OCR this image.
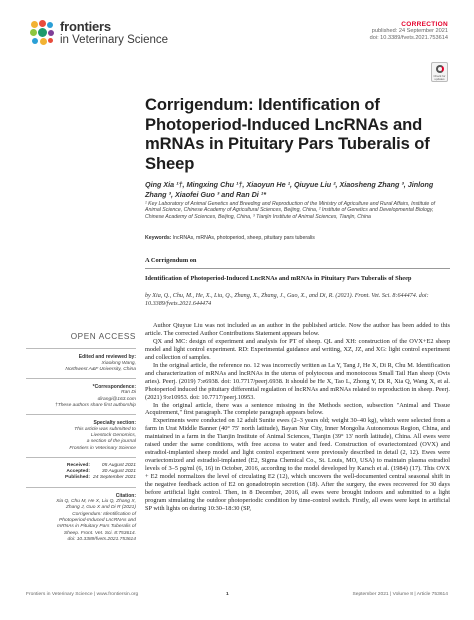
frontiers
in Veterinary Science
CORRECTION
published: 24 September 2021
doi: 10.3389/fvets.2021.753614
Check for updates
Corrigendum: Identification of Photoperiod-Induced LncRNAs and mRNAs in Pituitary Pars Tuberalis of Sheep
Qing Xia ¹†, Mingxing Chu ¹†, Xiaoyun He ¹, Qiuyue Liu ², Xiaosheng Zhang ³, Jinlong Zhang ³, Xiaofei Guo ³ and Ran Di ¹*
¹ Key Laboratory of Animal Genetics and Breeding and Reproduction of the Ministry of Agriculture and Rural Affairs, Institute of Animal Science, Chinese Academy of Agricultural Sciences, Beijing, China, ² Institute of Genetics and Developmental Biology, Chinese Academy of Sciences, Beijing, China, ³ Tianjin Institute of Animal Sciences, Tianjin, China
Keywords: lncRNAs, mRNAs, photoperiod, sheep, pituitary pars tuberalis
A Corrigendum on
Identification of Photoperiod-Induced LncRNAs and mRNAs in Pituitary Pars Tuberalis of Sheep
by Xia, Q., Chu, M., He, X., Liu, Q., Zhang, X., Zhang, J., Guo, X., and Di, R. (2021). Front. Vet. Sci. 8:644474. doi: 10.3389/fvets.2021.644474

Author Qiuyue Liu was not included as an author in the published article. Now the author has been added to this article. The corrected Author Contributions Statement appears below.

QX and MC: design of experiment and analysis for PT of sheep. QL and XH: construction of the OVX+E2 sheep model and light control experiment. RD: Experimental guidance and writing, XZ, JZ, and XG: light control experiment and collection of samples.

In the original article, the reference no. 12 was incorrectly written as La Y, Tang J, He X, Di R, Chu M. Identification and characterization of mRNAs and lncRNAs in the uterus of polytocous and monotocous Small Tail Han sheep (Ovis aries). Peerj. (2019) 7:e6938. doi: 10.7717/peerj.6938. It should be He X, Tao L, Zhong Y, Di R, Xia Q, Wang X, et al. Photoperiod induced the pituitary differential regulation of lncRNAs and mRNAs related to reproduction in sheep. Peerj. (2021) 9:e10953. doi: 10.7717/peerj.10953.

In the original article, there was a sentence missing in the Methods section, subsection "Animal and Tissue Acquirement," first paragraph. The complete paragraph appears below.

Experiments were conducted on 12 adult Sunite ewes (2–3 years old; weight 30–40 kg), which were selected from a farm in Urat Middle Banner (40° 75′ north latitude), Bayan Nur City, Inner Mongolia Autonomous Region, China, and maintained in a farm in the Tianjin Institute of Animal Sciences, Tianjin (39° 13′ north latitude), China. All ewes were raised under the same conditions, with free access to water and feed. Construction of ovariectomized (OVX) and estradiol-implanted sheep model and light control experiment were previously described in detail (2, 12). Ewes were ovariectomized and estradiol-implanted (E2, Sigma Chemical Co., St. Louis, MO, USA) to maintain plasma estradiol levels of 3–5 pg/ml (6, 16) in October, 2016, according to the model developed by Karsch et al. (1984) (17). This OVX + E2 model normalizes the level of circulating E2 (12), which uncovers the well-documented central seasonal shift in the negative feedback action of E2 on gonadotropin secretion (18). After the surgery, the ewes recovered for 30 days before artificial light control. Then, in 8 December, 2016, all ewes were brought indoors and submitted to a light program simulating the outdoor photoperiodic condition by time-control switch. Firstly, all ewes were kept in artificial SP with lights on during 10:30–18:30 (SP,

OPEN ACCESS
Edited and reviewed by:
Xiaolong Wang,
Northwest A&F University, China
*Correspondence:
Ran Di
dirangi@163.com
†These authors share first authorship
Specialty section:
This article was submitted to
Livestock Genomics,
a section of the journal
Frontiers in Veterinary Science
Received:	05 August 2021
Accepted:	30 August 2021
Published: 24 September 2021
Citation:
Xia Q, Chu M, He X, Liu Q, Zhang X,
Zhang J, Guo X and Di R (2021)
Corrigendum: Identification of
Photoperiod-Induced LncRNAs and
mRNAs in Pituitary Pars Tuberalis of
Sheep. Front. Vet. Sci. 8:753614.
doi: 10.3389/fvets.2021.753614
Frontiers in Veterinary Science | www.frontiersin.org	1	September 2021 | Volume 8 | Article 753614
